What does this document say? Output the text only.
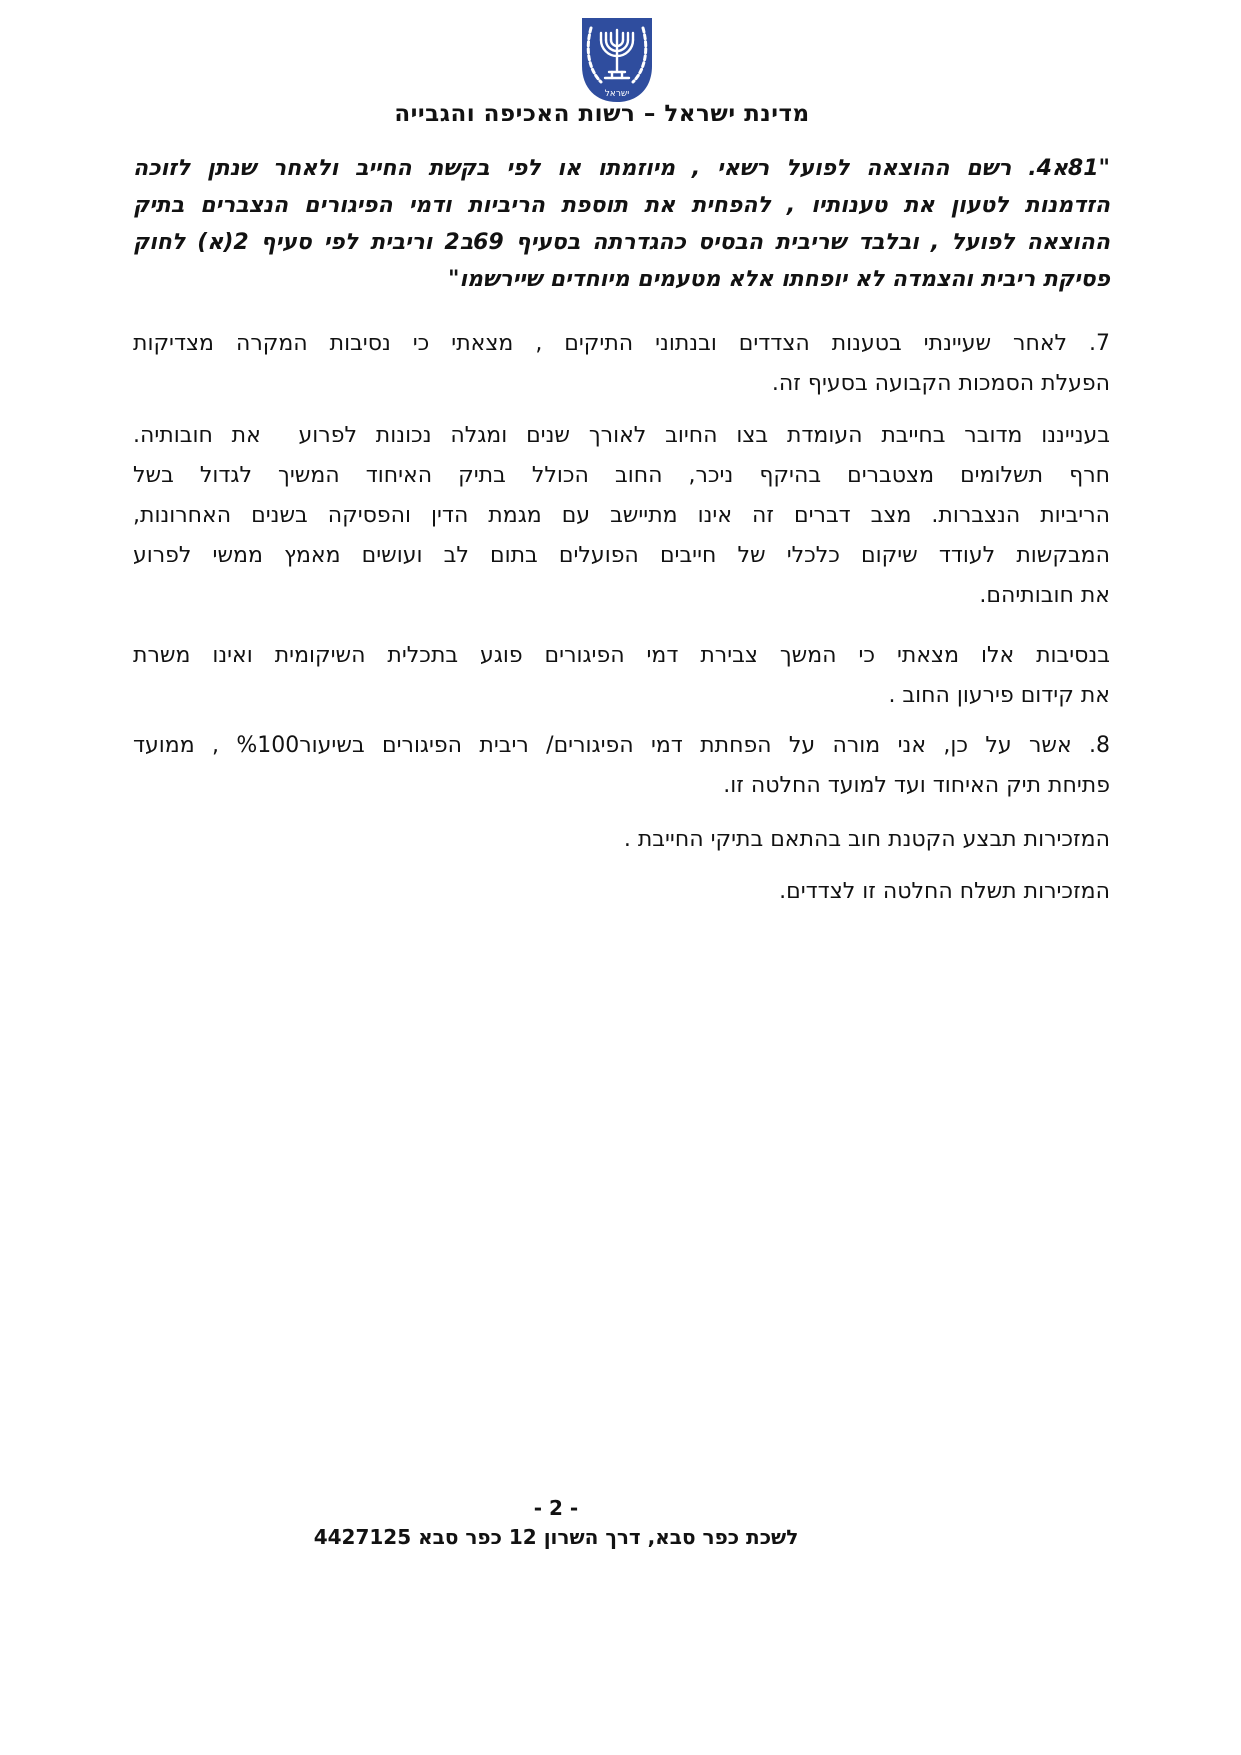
ישראל
מדינת ישראל – רשות האכיפה והגבייה
"81א4. רשם ההוצאה לפועל רשאי , מיוזמתו או לפי בקשת החייב ולאחר שנתן לזוכה
הזדמנות לטעון את טענותיו , להפחית את תוספת הריביות ודמי הפיגורים הנצברים בתיק
ההוצאה לפועל , ובלבד שריבית הבסיס כהגדרתה בסעיף 69ב2 וריבית לפי סעיף 2(א) לחוק
פסיקת ריבית והצמדה לא יופחתו אלא מטעמים מיוחדים שיירשמו"
7. לאחר שעיינתי בטענות הצדדים ובנתוני התיקים , מצאתי כי נסיבות המקרה מצדיקות
הפעלת הסמכות הקבועה בסעיף זה.
בענייננו מדובר בחייבת העומדת בצו החיוב לאורך שנים ומגלה נכונות לפרוע  את חובותיה.
חרף תשלומים מצטברים בהיקף ניכר, החוב הכולל בתיק האיחוד המשיך לגדול בשל
הריביות הנצברות. מצב דברים זה אינו מתיישב עם מגמת הדין והפסיקה בשנים האחרונות,
המבקשות לעודד שיקום כלכלי של חייבים הפועלים בתום לב ועושים מאמץ ממשי לפרוע
את חובותיהם.
בנסיבות אלו מצאתי כי המשך צבירת דמי הפיגורים פוגע בתכלית השיקומית ואינו משרת
את קידום פירעון החוב .
8. אשר על כן, אני מורה על הפחתת דמי הפיגורים/ ריבית הפיגורים בשיעור%100 , ממועד
פתיחת תיק האיחוד ועד למועד החלטה זו.
המזכירות תבצע הקטנת חוב בהתאם בתיקי החייבת .
המזכירות תשלח החלטה זו לצדדים.
- 2 -
לשכת כפר סבא, דרך השרון 12 כפר סבא 4427125
